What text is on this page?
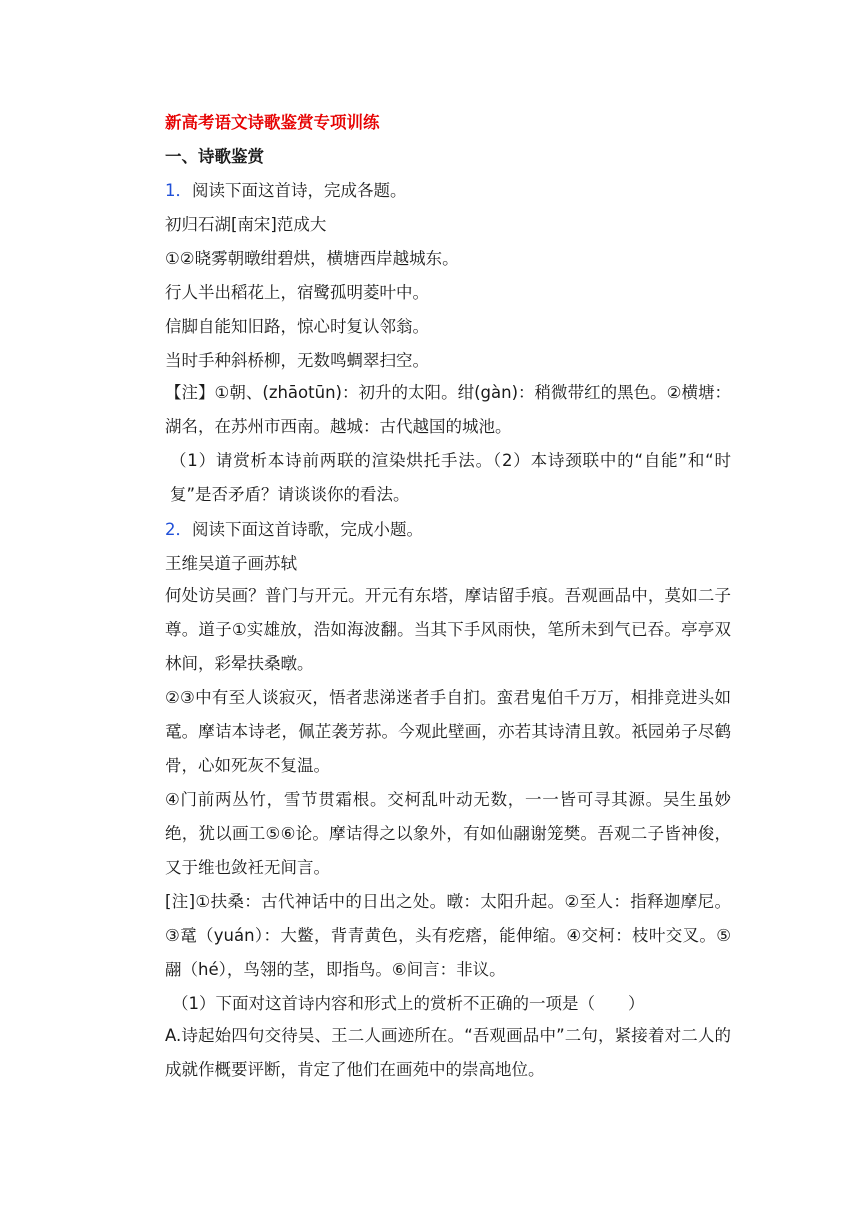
新高考语文诗歌鉴赏专项训练
一、诗歌鉴赏
1．阅读下面这首诗，完成各题。
初归石湖[南宋]范成大
①②晓雾朝暾绀碧烘，横塘西岸越城东。
行人半出稻花上，宿鹭孤明菱叶中。
信脚自能知旧路，惊心时复认邻翁。
当时手种斜桥柳，无数鸣蜩翠扫空。
【注】①朝、(zhāotūn)：初升的太阳。绀(gàn)：稍微带红的黑色。②横塘：湖名，在苏州市西南。越城：古代越国的城池。
（1）请赏析本诗前两联的渲染烘托手法。（2）本诗颈联中的“自能”和“时复”是否矛盾？请谈谈你的看法。
2．阅读下面这首诗歌，完成小题。
王维吴道子画苏轼
何处访吴画？普门与开元。开元有东塔，摩诘留手痕。吾观画品中，莫如二子尊。道子①实雄放，浩如海波翻。当其下手风雨快，笔所未到气已吞。亭亭双林间，彩晕扶桑暾。
②③中有至人谈寂灭，悟者悲涕迷者手自扪。蛮君鬼伯千万万，相排竞进头如鼋。摩诘本诗老，佩芷袭芳荪。今观此壁画，亦若其诗清且敦。祇园弟子尽鹤骨，心如死灰不复温。
④门前两丛竹，雪节贯霜根。交柯乱叶动无数，一一皆可寻其源。吴生虽妙绝，犹以画工⑤⑥论。摩诘得之以象外，有如仙翮谢笼樊。吾观二子皆神俊，又于维也敛衽无间言。
[注]①扶桑：古代神话中的日出之处。暾：太阳升起。②至人：指释迦摩尼。③鼋（yuán）：大鳖，背青黄色，头有疙瘩，能伸缩。④交柯：枝叶交叉。⑤翮（hé），鸟翎的茎，即指鸟。⑥间言：非议。
（1）下面对这首诗内容和形式上的赏析不正确的一项是（　　）
A.诗起始四句交待吴、王二人画迹所在。“吾观画品中”二句，紧接着对二人的成就作概要评断，肯定了他们在画苑中的崇高地位。
